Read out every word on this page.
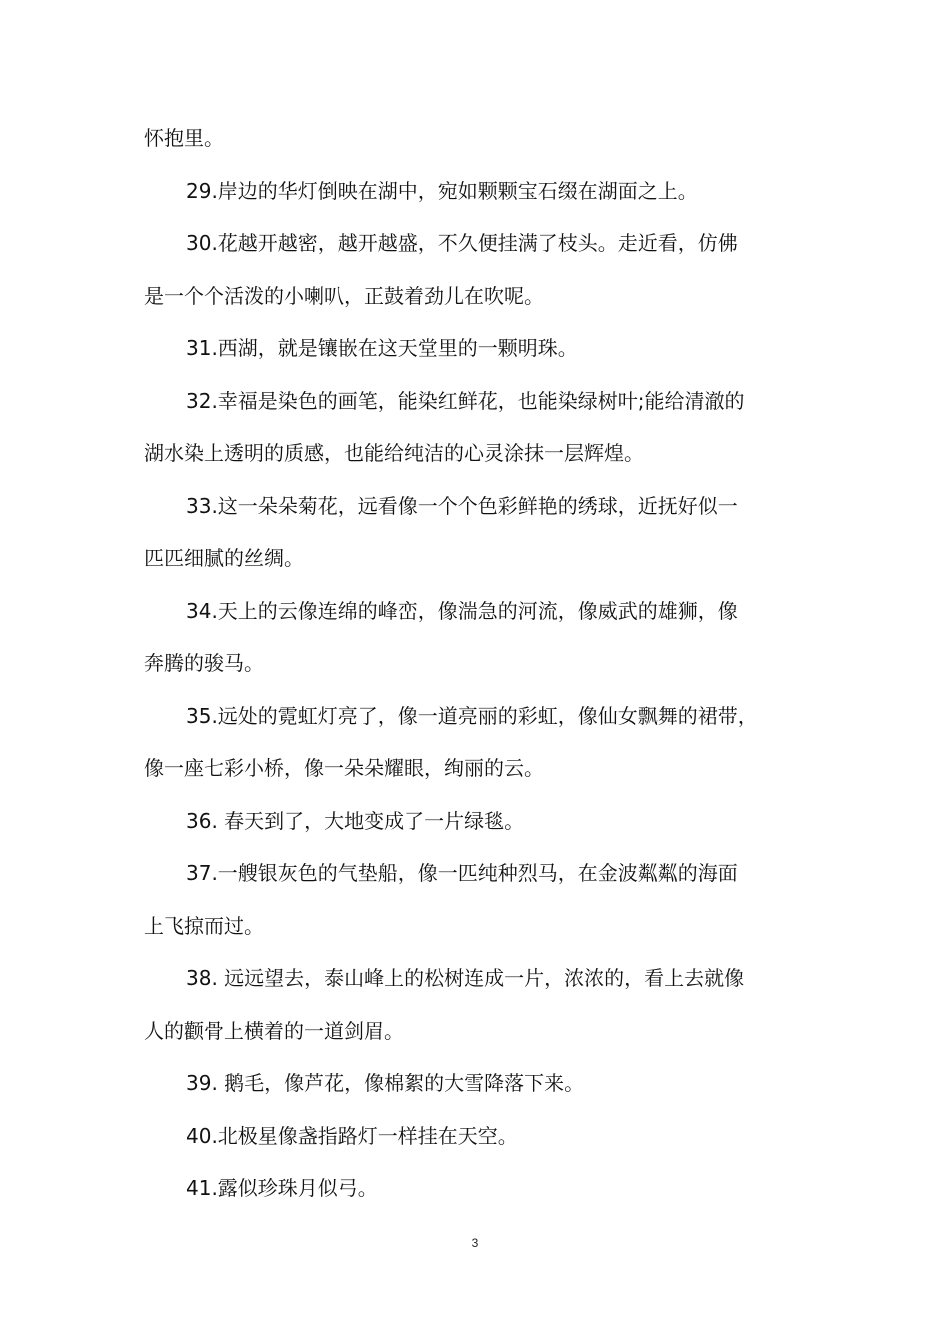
怀抱里。

29.岸边的华灯倒映在湖中，宛如颗颗宝石缀在湖面之上。

30.花越开越密，越开越盛，不久便挂满了枝头。走近看，仿佛

是一个个活泼的小喇叭，正鼓着劲儿在吹呢。

31.西湖，就是镶嵌在这天堂里的一颗明珠。

32.幸福是染色的画笔，能染红鲜花，也能染绿树叶;能给清澈的

湖水染上透明的质感，也能给纯洁的心灵涂抹一层辉煌。

33.这一朵朵菊花，远看像一个个色彩鲜艳的绣球，近抚好似一

匹匹细腻的丝绸。

34.天上的云像连绵的峰峦，像湍急的河流，像威武的雄狮，像

奔腾的骏马。

35.远处的霓虹灯亮了，像一道亮丽的彩虹，像仙女飘舞的裙带，

像一座七彩小桥，像一朵朵耀眼，绚丽的云。

36. 春天到了，大地变成了一片绿毯。

37.一艘银灰色的气垫船，像一匹纯种烈马，在金波粼粼的海面

上飞掠而过。

38. 远远望去，泰山峰上的松树连成一片，浓浓的，看上去就像

人的颧骨上横着的一道剑眉。

39. 鹅毛，像芦花，像棉絮的大雪降落下来。

40.北极星像盏指路灯一样挂在天空。

41.露似珍珠月似弓。

3
